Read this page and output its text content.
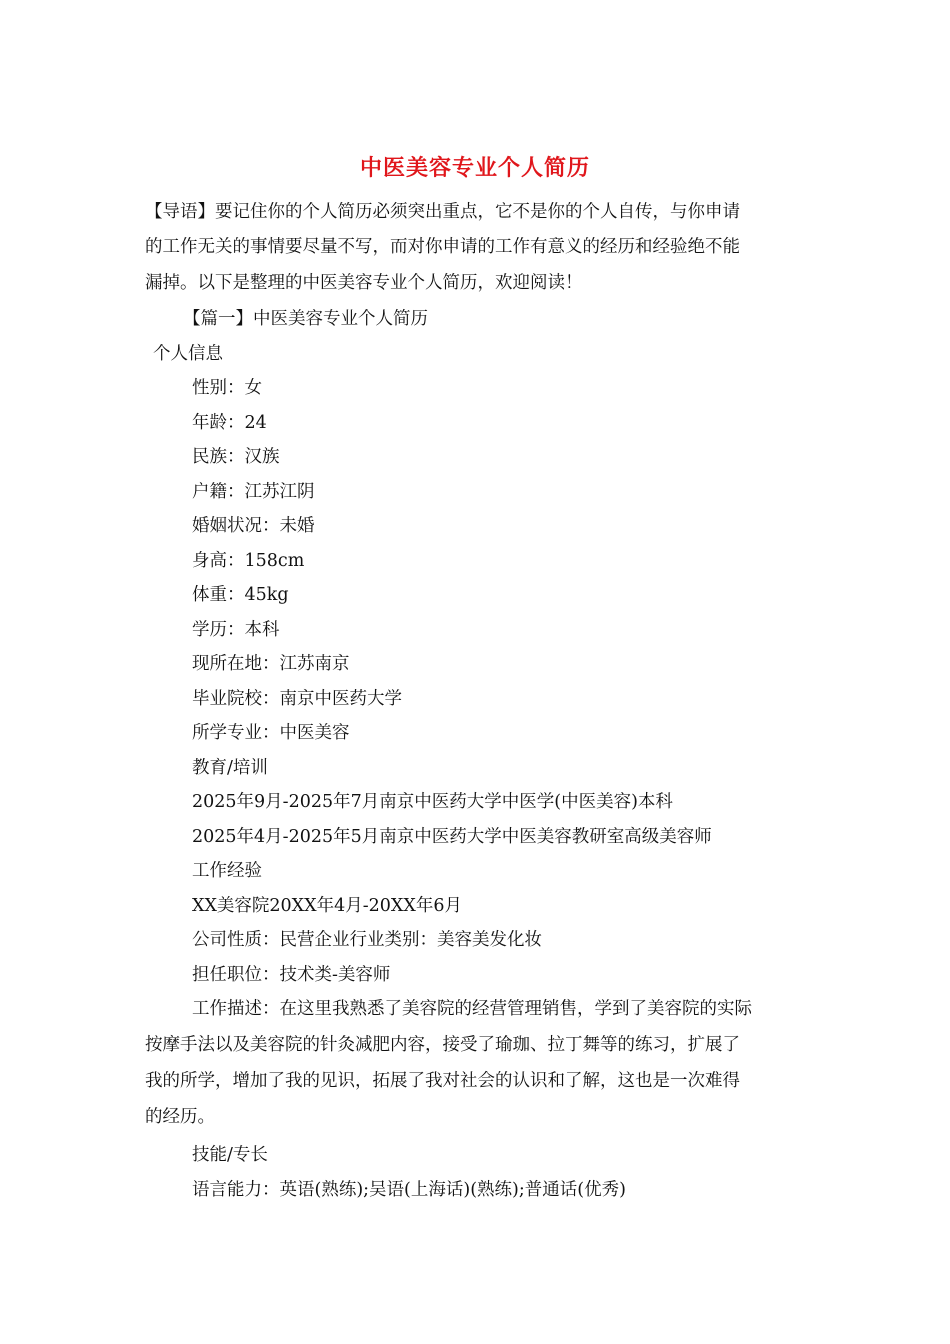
中医美容专业个人简历
【导语】要记住你的个人简历必须突出重点，它不是你的个人自传，与你申请
的工作无关的事情要尽量不写，而对你申请的工作有意义的经历和经验绝不能
漏掉。以下是整理的中医美容专业个人简历，欢迎阅读！
【篇一】中医美容专业个人简历
个人信息
性别：女
年龄：24
民族：汉族
户籍：江苏江阴
婚姻状况：未婚
身高：158cm
体重：45kg
学历：本科
现所在地：江苏南京
毕业院校：南京中医药大学
所学专业：中医美容
教育/培训
2025年9月-2025年7月南京中医药大学中医学(中医美容)本科
2025年4月-2025年5月南京中医药大学中医美容教研室高级美容师
工作经验
XX美容院20XX年4月-20XX年6月
公司性质：民营企业行业类别：美容美发化妆
担任职位：技术类-美容师
工作描述：在这里我熟悉了美容院的经营管理销售，学到了美容院的实际
按摩手法以及美容院的针灸减肥内容，接受了瑜珈、拉丁舞等的练习，扩展了
我的所学，增加了我的见识，拓展了我对社会的认识和了解，这也是一次难得
的经历。
技能/专长
语言能力：英语(熟练);吴语(上海话)(熟练);普通话(优秀)
